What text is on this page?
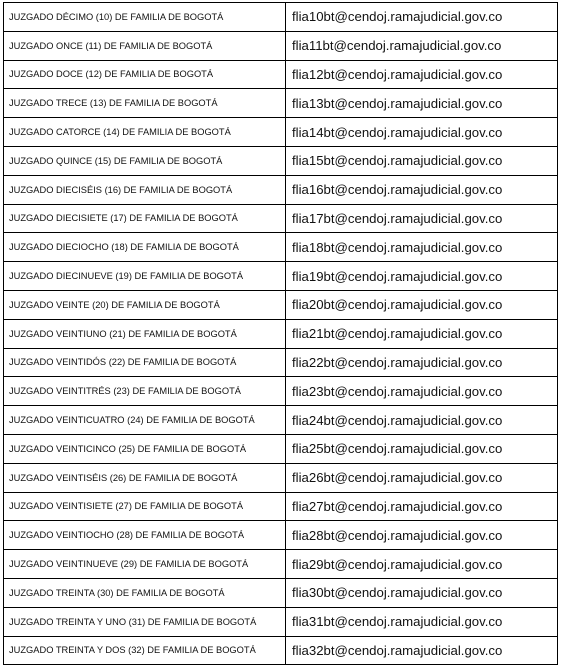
JUZGADO DÉCIMO (10) DE FAMILIA DE BOGOTÁ	flia10bt@cendoj.ramajudicial.gov.co
JUZGADO ONCE (11) DE FAMILIA DE BOGOTÁ	flia11bt@cendoj.ramajudicial.gov.co
JUZGADO DOCE (12) DE FAMILIA DE BOGOTÁ	flia12bt@cendoj.ramajudicial.gov.co
JUZGADO TRECE (13) DE FAMILIA DE BOGOTÁ	flia13bt@cendoj.ramajudicial.gov.co
JUZGADO CATORCE (14) DE FAMILIA DE BOGOTÁ	flia14bt@cendoj.ramajudicial.gov.co
JUZGADO QUINCE (15) DE FAMILIA DE BOGOTÁ	flia15bt@cendoj.ramajudicial.gov.co
JUZGADO DIECISÉIS (16) DE FAMILIA DE BOGOTÁ	flia16bt@cendoj.ramajudicial.gov.co
JUZGADO DIECISIETE (17) DE FAMILIA DE BOGOTÁ	flia17bt@cendoj.ramajudicial.gov.co
JUZGADO DIECIOCHO (18) DE FAMILIA DE BOGOTÁ	flia18bt@cendoj.ramajudicial.gov.co
JUZGADO DIECINUEVE (19) DE FAMILIA DE BOGOTÁ	flia19bt@cendoj.ramajudicial.gov.co
JUZGADO VEINTE (20) DE FAMILIA DE BOGOTÁ	flia20bt@cendoj.ramajudicial.gov.co
JUZGADO VEINTIUNO (21) DE FAMILIA DE BOGOTÁ	flia21bt@cendoj.ramajudicial.gov.co
JUZGADO VEINTIDÓS (22) DE FAMILIA DE BOGOTÁ	flia22bt@cendoj.ramajudicial.gov.co
JUZGADO VEINTITRÉS (23) DE FAMILIA DE BOGOTÁ	flia23bt@cendoj.ramajudicial.gov.co
JUZGADO VEINTICUATRO (24) DE FAMILIA DE BOGOTÁ	flia24bt@cendoj.ramajudicial.gov.co
JUZGADO VEINTICINCO (25) DE FAMILIA DE BOGOTÁ	flia25bt@cendoj.ramajudicial.gov.co
JUZGADO VEINTISÉIS (26) DE FAMILIA DE BOGOTÁ	flia26bt@cendoj.ramajudicial.gov.co
JUZGADO VEINTISIETE (27) DE FAMILIA DE BOGOTÁ	flia27bt@cendoj.ramajudicial.gov.co
JUZGADO VEINTIOCHO (28) DE FAMILIA DE BOGOTÁ	flia28bt@cendoj.ramajudicial.gov.co
JUZGADO VEINTINUEVE (29) DE FAMILIA DE BOGOTÁ	flia29bt@cendoj.ramajudicial.gov.co
JUZGADO TREINTA (30) DE FAMILIA DE BOGOTÁ	flia30bt@cendoj.ramajudicial.gov.co
JUZGADO TREINTA Y UNO (31) DE FAMILIA DE BOGOTÁ	flia31bt@cendoj.ramajudicial.gov.co
JUZGADO TREINTA Y DOS (32) DE FAMILIA DE BOGOTÁ	flia32bt@cendoj.ramajudicial.gov.co
